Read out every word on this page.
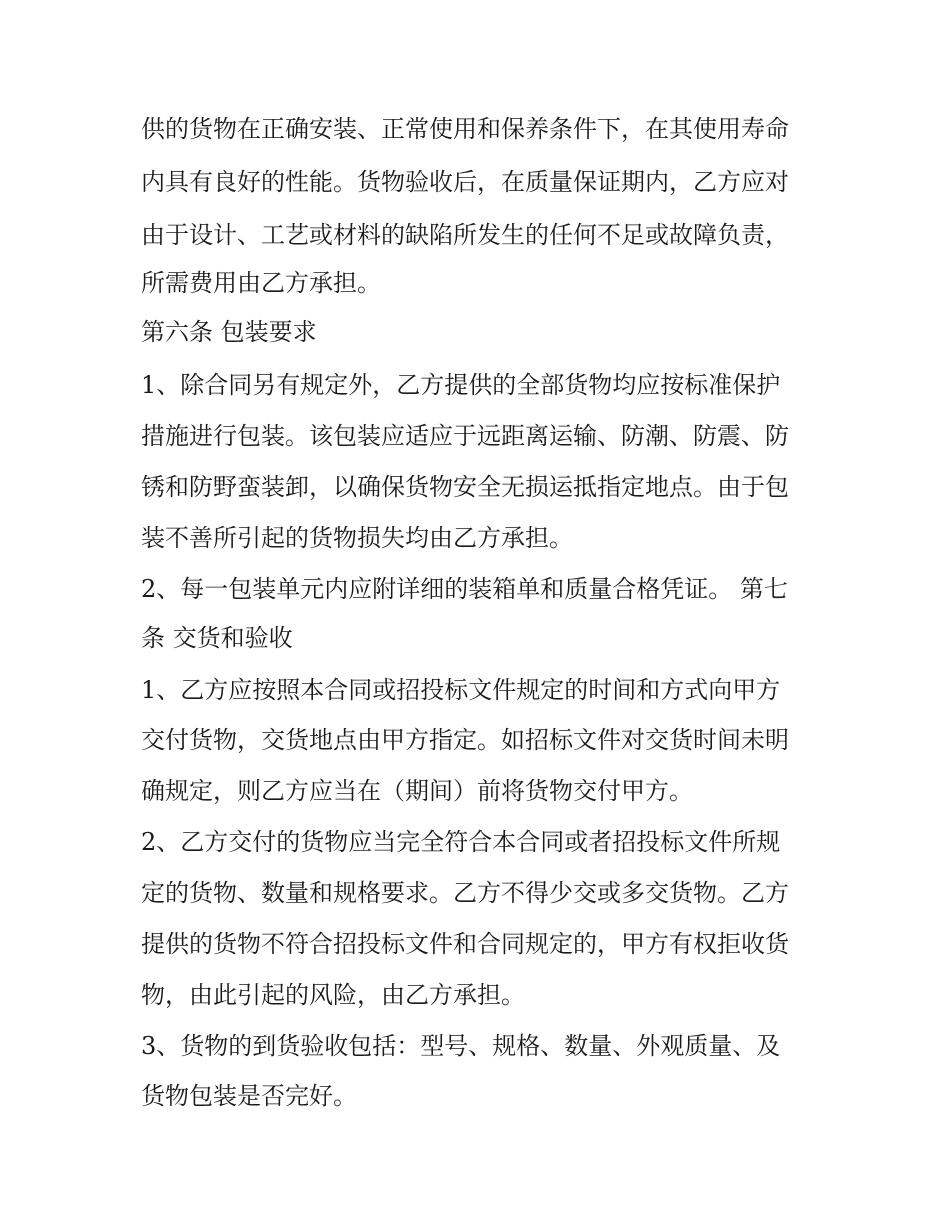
供的货物在正确安装、正常使用和保养条件下，在其使用寿命
内具有良好的性能。货物验收后，在质量保证期内，乙方应对
由于设计、工艺或材料的缺陷所发生的任何不足或故障负责，
所需费用由乙方承担。
第六条 包装要求
1、除合同另有规定外，乙方提供的全部货物均应按标准保护
措施进行包装。该包装应适应于远距离运输、防潮、防震、防
锈和防野蛮装卸，以确保货物安全无损运抵指定地点。由于包
装不善所引起的货物损失均由乙方承担。
2、每一包装单元内应附详细的装箱单和质量合格凭证。 第七
条 交货和验收
1、乙方应按照本合同或招投标文件规定的时间和方式向甲方
交付货物，交货地点由甲方指定。如招标文件对交货时间未明
确规定，则乙方应当在（期间）前将货物交付甲方。
2、乙方交付的货物应当完全符合本合同或者招投标文件所规
定的货物、数量和规格要求。乙方不得少交或多交货物。乙方
提供的货物不符合招投标文件和合同规定的，甲方有权拒收货
物，由此引起的风险，由乙方承担。
3、货物的到货验收包括：型号、规格、数量、外观质量、及
货物包装是否完好。
